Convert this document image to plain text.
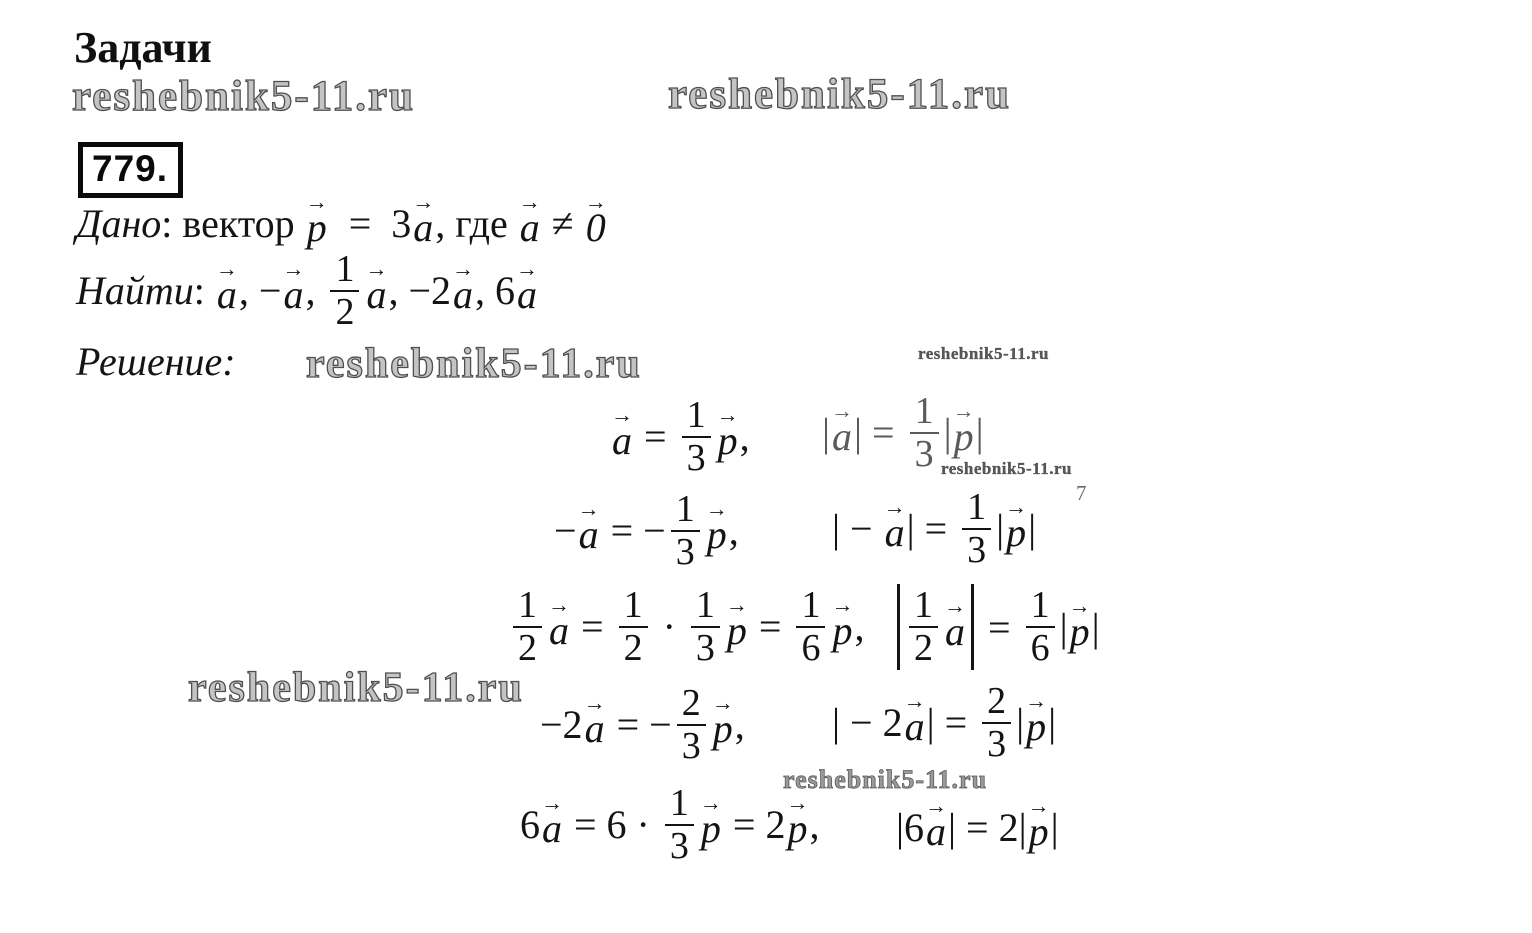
Задачи
reshebnik5-11.ru	reshebnik5-11.ru
779.
Дано : вектор → p =  3 → a , где → a ≠ → 0
Найти : → a , − → a , $\frac{1}{2} \to a$ , −2 → a , 6 → a
Решение: reshebnik5-11.ru	reshebnik5-11.ru
reshebnik5-11.ru
reshebnik5-11.ru
reshebnik5-11.ru
7
→ $a = \frac{1}{3} \to p$ , | → a | = $\frac{1}{3}$ | → p |
− → a = − $\frac{1}{3} \to p$ , | − → a | = $\frac{1}{3}$ | → p |
$\frac{1}{2} \to a = \frac{1}{2} \cdot \frac{1}{3} \to p = \frac{1}{6} \to p$ , $\frac{1}{2} \to a = \frac{1}{6}$ | → p |
−2 → a = − $\frac{2}{3} \to p$ , | − 2 → a | = $\frac{2}{3}$ | → p |
$6 \to a = 6 \cdot \frac{1}{3} \to p = 2 \to p$ , |6 → a | = 2| → p |
